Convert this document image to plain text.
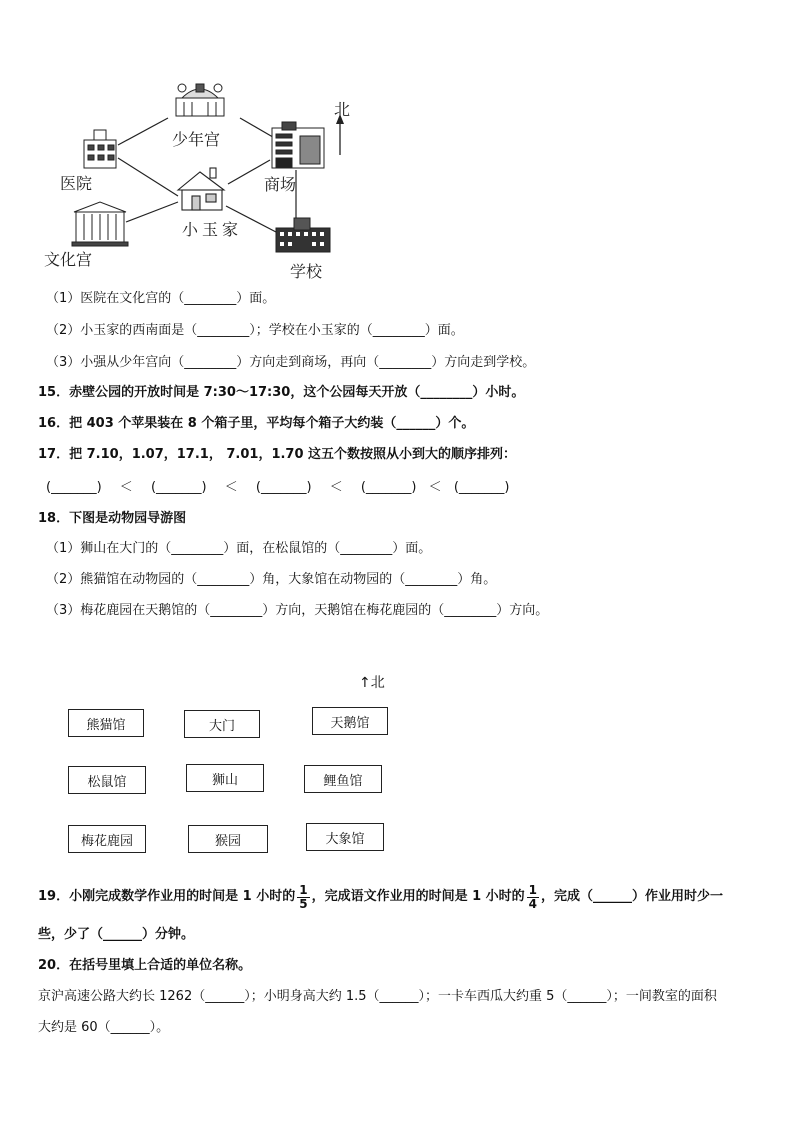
北
少年宫
医院	商场
小玉家
文化宫
学校
（1）医院在文化宫的（________）面。
（2）小玉家的西南面是（________）；学校在小玉家的（________）面。
（3）小强从少年宫向（________）方向走到商场，再向（________）方向走到学校。
15．赤壁公园的开放时间是 7:30～17:30，这个公园每天开放（________）小时。
16．把 403 个苹果装在 8 个箱子里，平均每个箱子大约装（______）个。
17．把 7.10，1.07，17.1， 7.01，1.70 这五个数按照从小到大的顺序排列：
(_______) ＜ (_______) ＜ (_______) ＜ (_______) ＜ (_______)
18．下图是动物园导游图
（1）狮山在大门的（________）面，在松鼠馆的（________）面。
（2）熊猫馆在动物园的（________）角，大象馆在动物园的（________）角。
（3）梅花鹿园在天鹅馆的（________）方向，天鹅馆在梅花鹿园的（________）方向。
↑北
熊猫馆	大门	天鹅馆
松鼠馆	狮山	鲤鱼馆
梅花鹿园	猴园	大象馆
19．小刚完成数学作业用的时间是 1 小时的 $\frac{1}{5}$ ，完成语文作业用的时间是 1 小时的 $\frac{1}{4}$ ，完成（______）作业用时少一
些，少了（______）分钟。
20．在括号里填上合适的单位名称。
京沪高速公路大约长 1262（______）；小明身高大约 1.5（______）；一卡车西瓜大约重 5（______）；一间教室的面积
大约是 60（______）。
